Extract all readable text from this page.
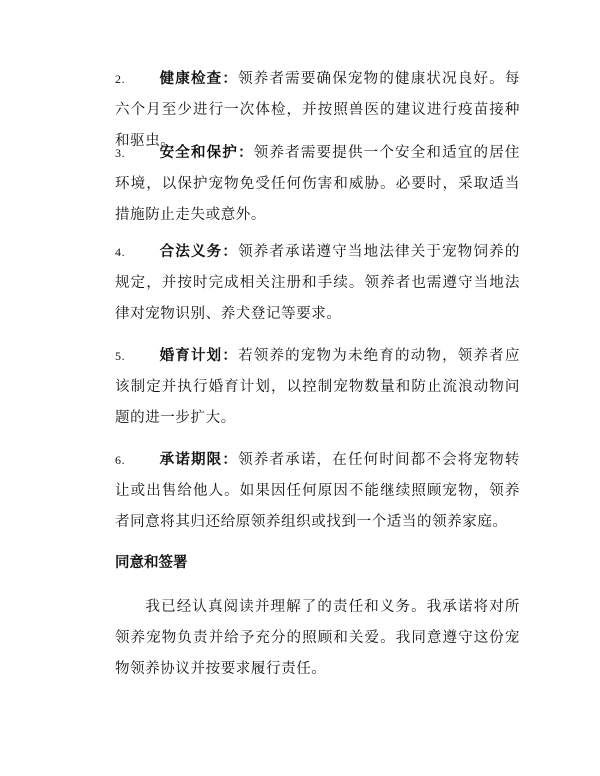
2. 健康检查：领养者需要确保宠物的健康状况良好。每六个月至少进行一次体检，并按照兽医的建议进行疫苗接种和驱虫。
3. 安全和保护：领养者需要提供一个安全和适宜的居住环境，以保护宠物免受任何伤害和威胁。必要时，采取适当措施防止走失或意外。
4. 合法义务：领养者承诺遵守当地法律关于宠物饲养的规定，并按时完成相关注册和手续。领养者也需遵守当地法律对宠物识别、养犬登记等要求。
5. 婚育计划：若领养的宠物为未绝育的动物，领养者应该制定并执行婚育计划，以控制宠物数量和防止流浪动物问题的进一步扩大。
6. 承诺期限：领养者承诺，在任何时间都不会将宠物转让或出售给他人。如果因任何原因不能继续照顾宠物，领养者同意将其归还给原领养组织或找到一个适当的领养家庭。
同意和签署
我已经认真阅读并理解了的责任和义务。我承诺将对所领养宠物负责并给予充分的照顾和关爱。我同意遵守这份宠物领养协议并按要求履行责任。
